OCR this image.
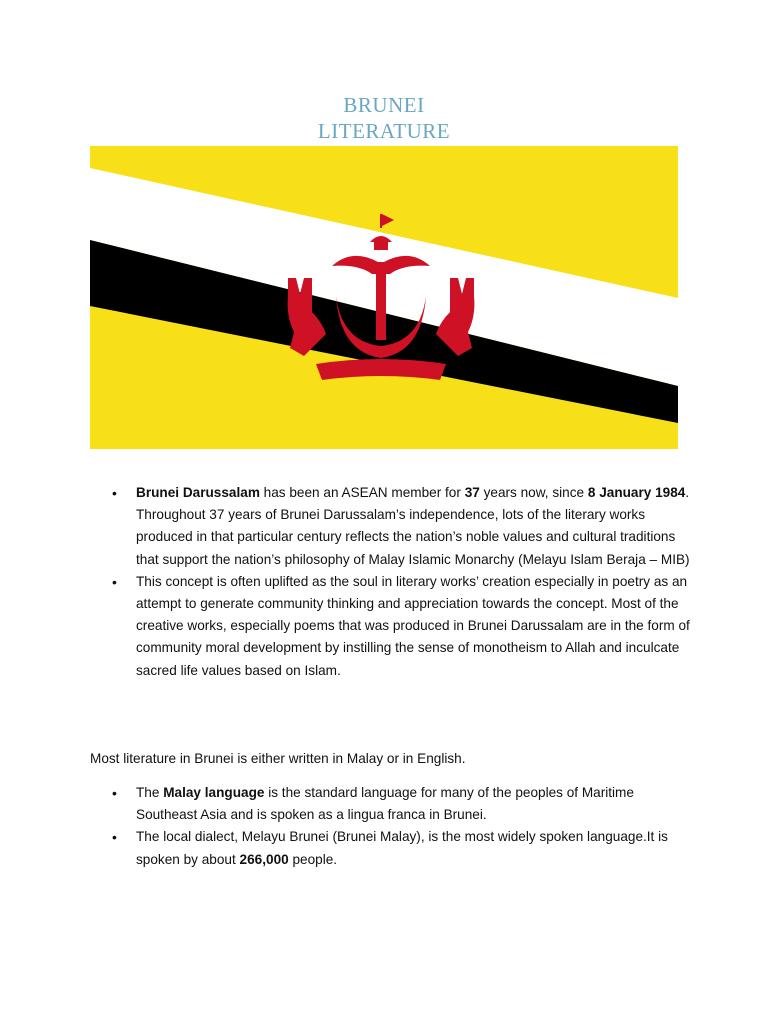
BRUNEI
LITERATURE
• Brunei Darussalam has been an ASEAN member for 37 years now, since 8 January 1984. Throughout 37 years of Brunei Darussalam’s independence, lots of the literary works produced in that particular century reflects the nation’s noble values and cultural traditions that support the nation’s philosophy of Malay Islamic Monarchy (Melayu Islam Beraja – MIB)
• This concept is often uplifted as the soul in literary works’ creation especially in poetry as an attempt to generate community thinking and appreciation towards the concept. Most of the creative works, especially poems that was produced in Brunei Darussalam are in the form of community moral development by instilling the sense of monotheism to Allah and inculcate sacred life values based on Islam.

Most literature in Brunei is either written in Malay or in English.

• The Malay language is the standard language for many of the peoples of Maritime Southeast Asia and is spoken as a lingua franca in Brunei.
• The local dialect, Melayu Brunei (Brunei Malay), is the most widely spoken language.It is spoken by about 266,000 people.
